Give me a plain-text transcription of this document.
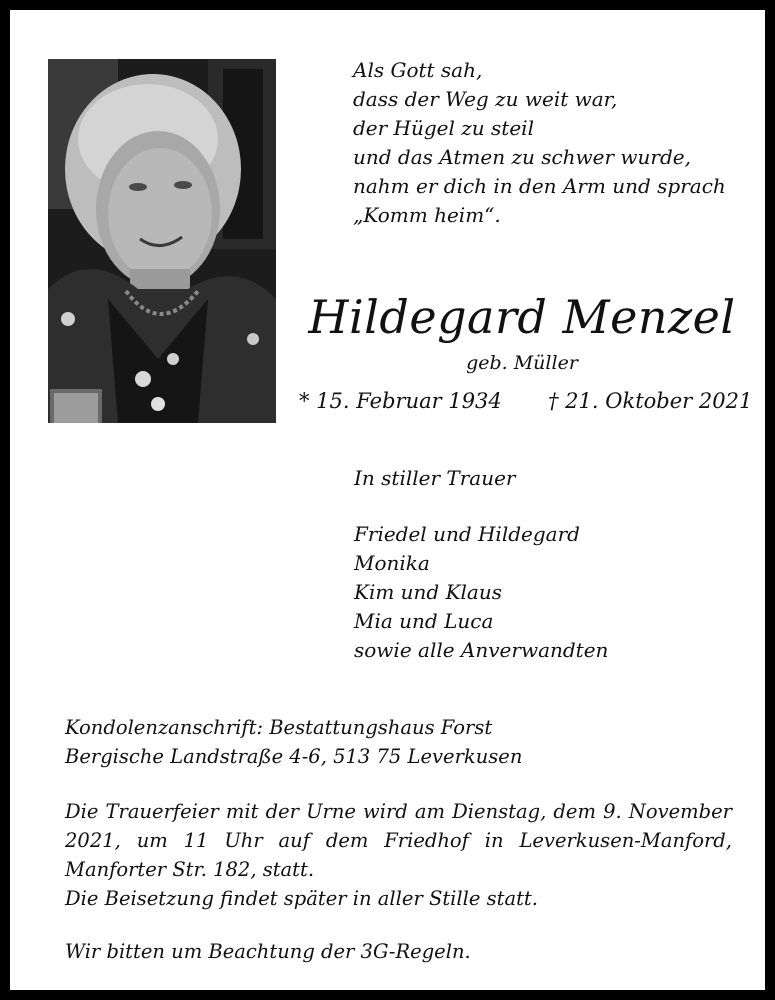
Als Gott sah,
dass der Weg zu weit war,
der Hügel zu steil
und das Atmen zu schwer wurde,
nahm er dich in den Arm und sprach
„Komm heim“.
Hildegard Menzel
geb. Müller
* 15. Februar 1934 † 21. Oktober 2021
In stiller Trauer
Friedel und Hildegard
Monika
Kim und Klaus
Mia und Luca
sowie alle Anverwandten
Kondolenzanschrift: Bestattungshaus Forst
Bergische Landstraße 4-6, 513 75 Leverkusen
Die Trauerfeier mit der Urne wird am Dienstag, dem 9. November
2021, um 11 Uhr auf dem Friedhof in Leverkusen-Manford,
Manforter Str. 182, statt.
Die Beisetzung findet später in aller Stille statt.
Wir bitten um Beachtung der 3G-Regeln.
